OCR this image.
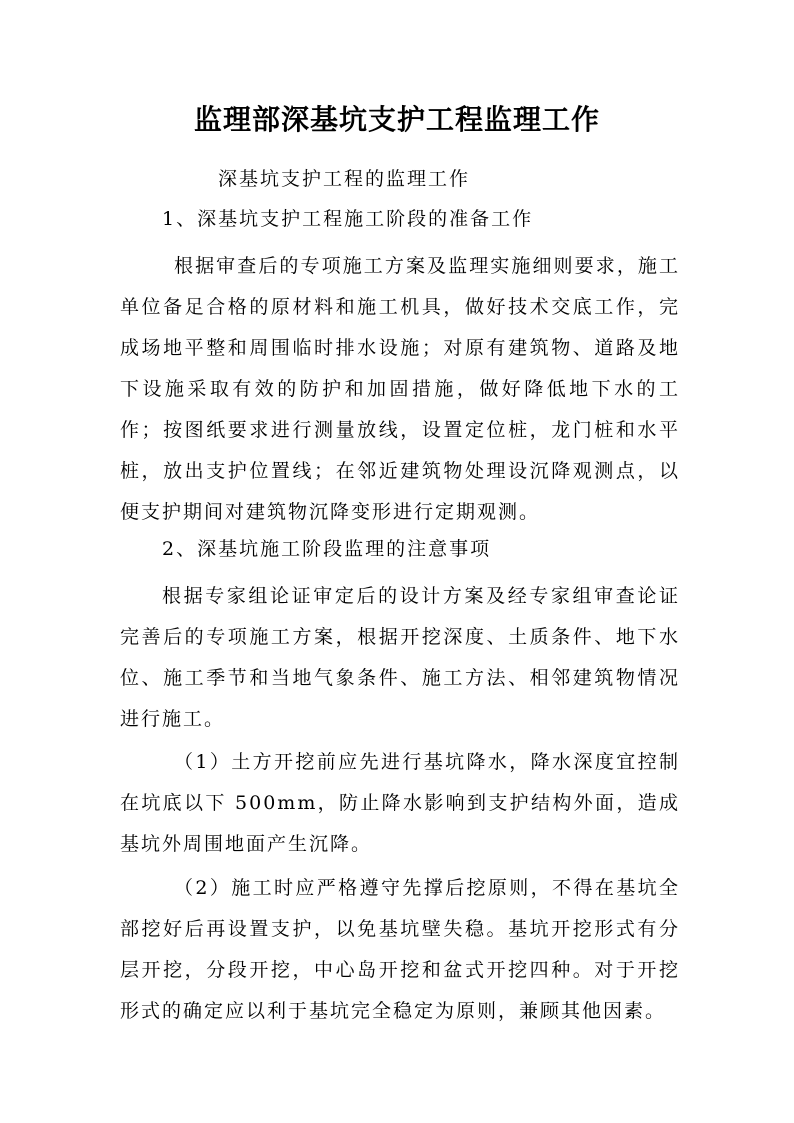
监理部深基坑支护工程监理工作

深基坑支护工程的监理工作

1、深基坑支护工程施工阶段的准备工作

根据审查后的专项施工方案及监理实施细则要求，施工单位备足合格的原材料和施工机具，做好技术交底工作，完成场地平整和周围临时排水设施；对原有建筑物、道路及地下设施采取有效的防护和加固措施，做好降低地下水的工作；按图纸要求进行测量放线，设置定位桩，龙门桩和水平桩，放出支护位置线；在邻近建筑物处理设沉降观测点，以便支护期间对建筑物沉降变形进行定期观测。

2、深基坑施工阶段监理的注意事项

根据专家组论证审定后的设计方案及经专家组审查论证完善后的专项施工方案，根据开挖深度、土质条件、地下水位、施工季节和当地气象条件、施工方法、相邻建筑物情况进行施工。

（1）土方开挖前应先进行基坑降水，降水深度宜控制在坑底以下 500mm，防止降水影响到支护结构外面，造成基坑外周围地面产生沉降。

（2）施工时应严格遵守先撑后挖原则，不得在基坑全部挖好后再设置支护，以免基坑壁失稳。基坑开挖形式有分层开挖，分段开挖，中心岛开挖和盆式开挖四种。对于开挖形式的确定应以利于基坑完全稳定为原则，兼顾其他因素。
